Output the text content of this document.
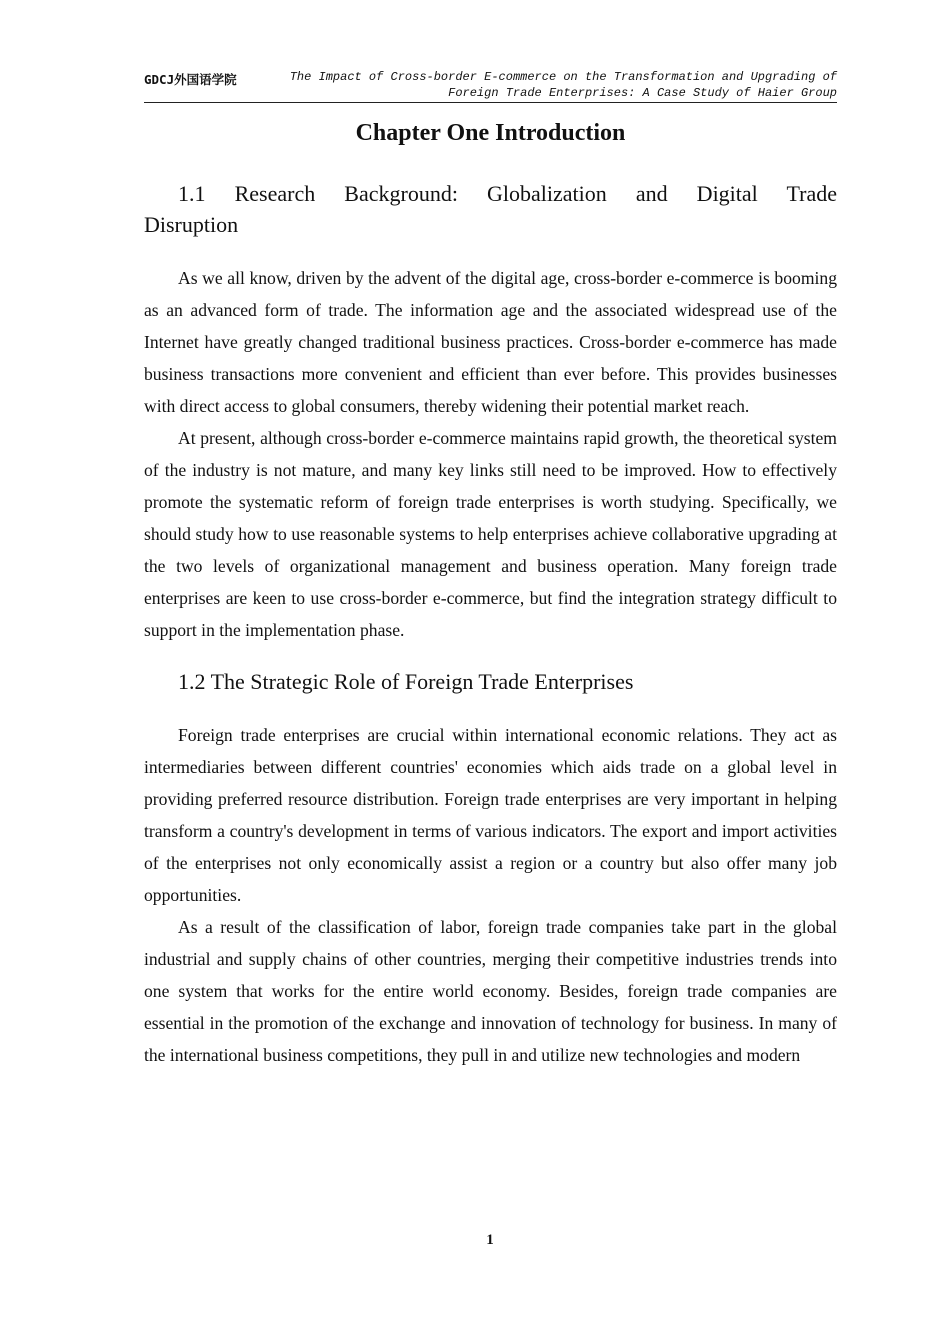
GDCJ外国语学院	The Impact of Cross-border E-commerce on the Transformation and Upgrading of
Foreign Trade Enterprises: A Case Study of Haier Group
Chapter One Introduction
1.1 Research Background: Globalization and Digital Trade Disruption

As we all know, driven by the advent of the digital age, cross-border e-commerce is booming as an advanced form of trade. The information age and the associated widespread use of the Internet have greatly changed traditional business practices. Cross-border e-commerce has made business transactions more convenient and efficient than ever before. This provides businesses with direct access to global consumers, thereby widening their potential market reach.

At present, although cross-border e-commerce maintains rapid growth, the theoretical system of the industry is not mature, and many key links still need to be improved. How to effectively promote the systematic reform of foreign trade enterprises is worth studying. Specifically, we should study how to use reasonable systems to help enterprises achieve collaborative upgrading at the two levels of organizational management and business operation. Many foreign trade enterprises are keen to use cross-border e-commerce, but find the integration strategy difficult to support in the implementation phase.

1.2 The Strategic Role of Foreign Trade Enterprises

Foreign trade enterprises are crucial within international economic relations. They act as intermediaries between different countries' economies which aids trade on a global level in providing preferred resource distribution. Foreign trade enterprises are very important in helping transform a country's development in terms of various indicators. The export and import activities of the enterprises not only economically assist a region or a country but also offer many job opportunities.

As a result of the classification of labor, foreign trade companies take part in the global industrial and supply chains of other countries, merging their competitive industries trends into one system that works for the entire world economy. Besides, foreign trade companies are essential in the promotion of the exchange and innovation of technology for business. In many of the international business competitions, they pull in and utilize new technologies and modern

1
